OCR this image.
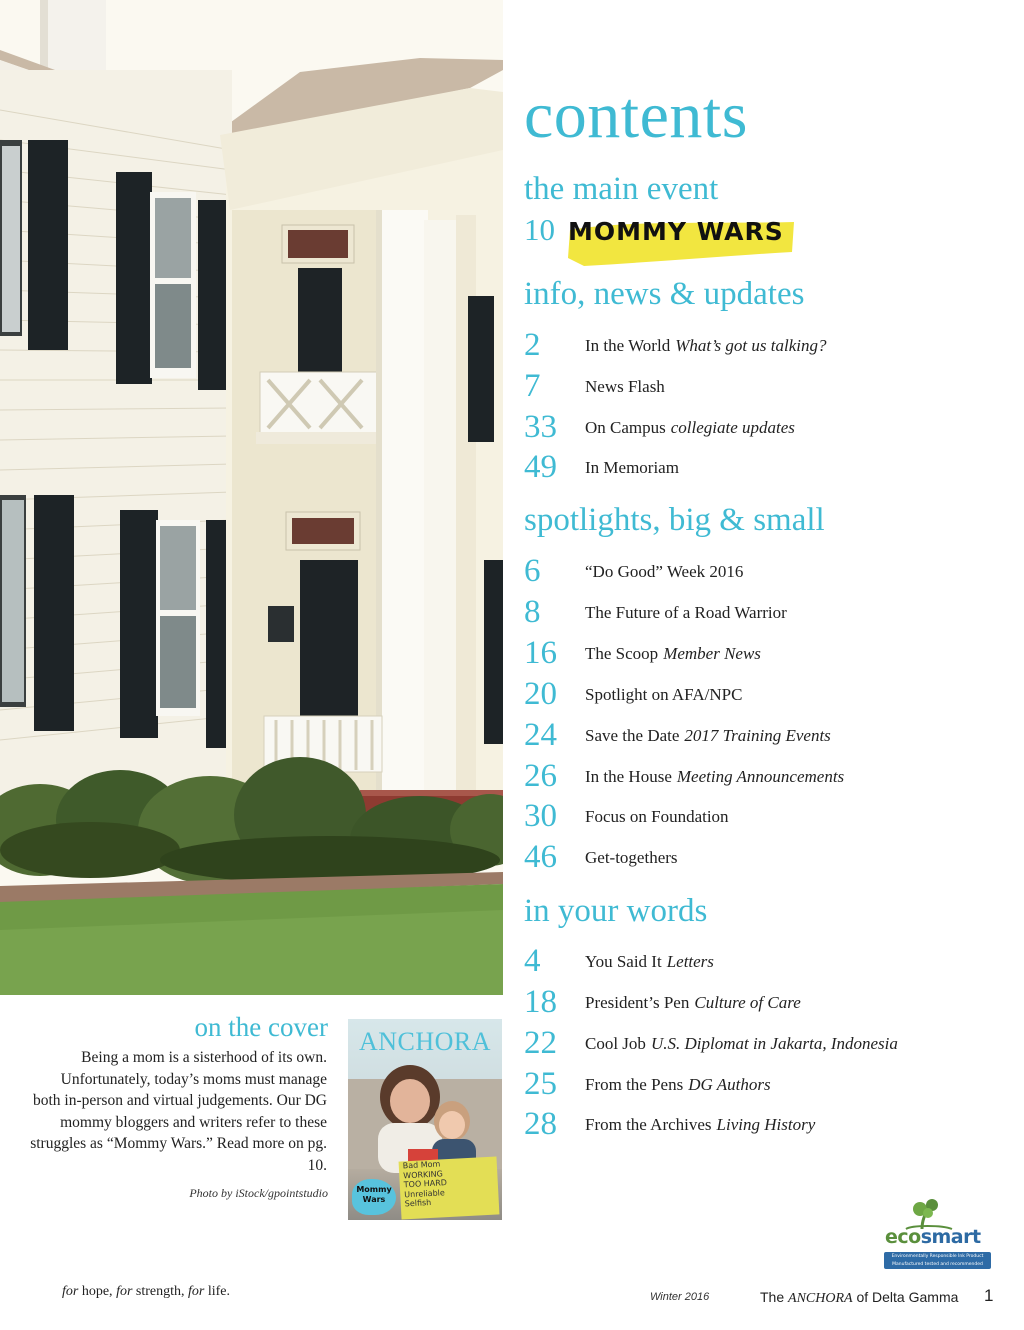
contents
the main event
10 MOMMY WARS
info, news & updates
2	In the World What’s got us talking?
7	News Flash
33 On Campus collegiate updates
49 In Memoriam
spotlights, big & small
6	“Do Good” Week 2016
8	The Future of a Road Warrior
16 The Scoop Member News
20 Spotlight on AFA/NPC
24 Save the Date 2017 Training Events
26 In the House Meeting Announcements
30 Focus on Foundation
46 Get-togethers
in your words
4	You Said It Letters
18 President’s Pen Culture of Care
22 Cool Job U.S. Diplomat in Jakarta, Indonesia
25 From the Pens DG Authors
28 From the Archives Living History
on the cover

Being a mom is a sisterhood of its own. Unfortunately, today’s moms must manage both in-person and virtual judgements. Our DG mommy bloggers and writers refer to these struggles as “Mommy Wars.” Read more on pg. 10.

Photo by iStock/gpointstudio
ANCHORA
Bad Mom
WORKING
TOO HARD
Unreliable
Selfish
Mommy
Wars
ecosmart
Environmentally Responsible Ink Product
Manufactured tested and recommended
for hope, for strength, for life.	Winter 2016	The ANCHORA of Delta Gamma 1
